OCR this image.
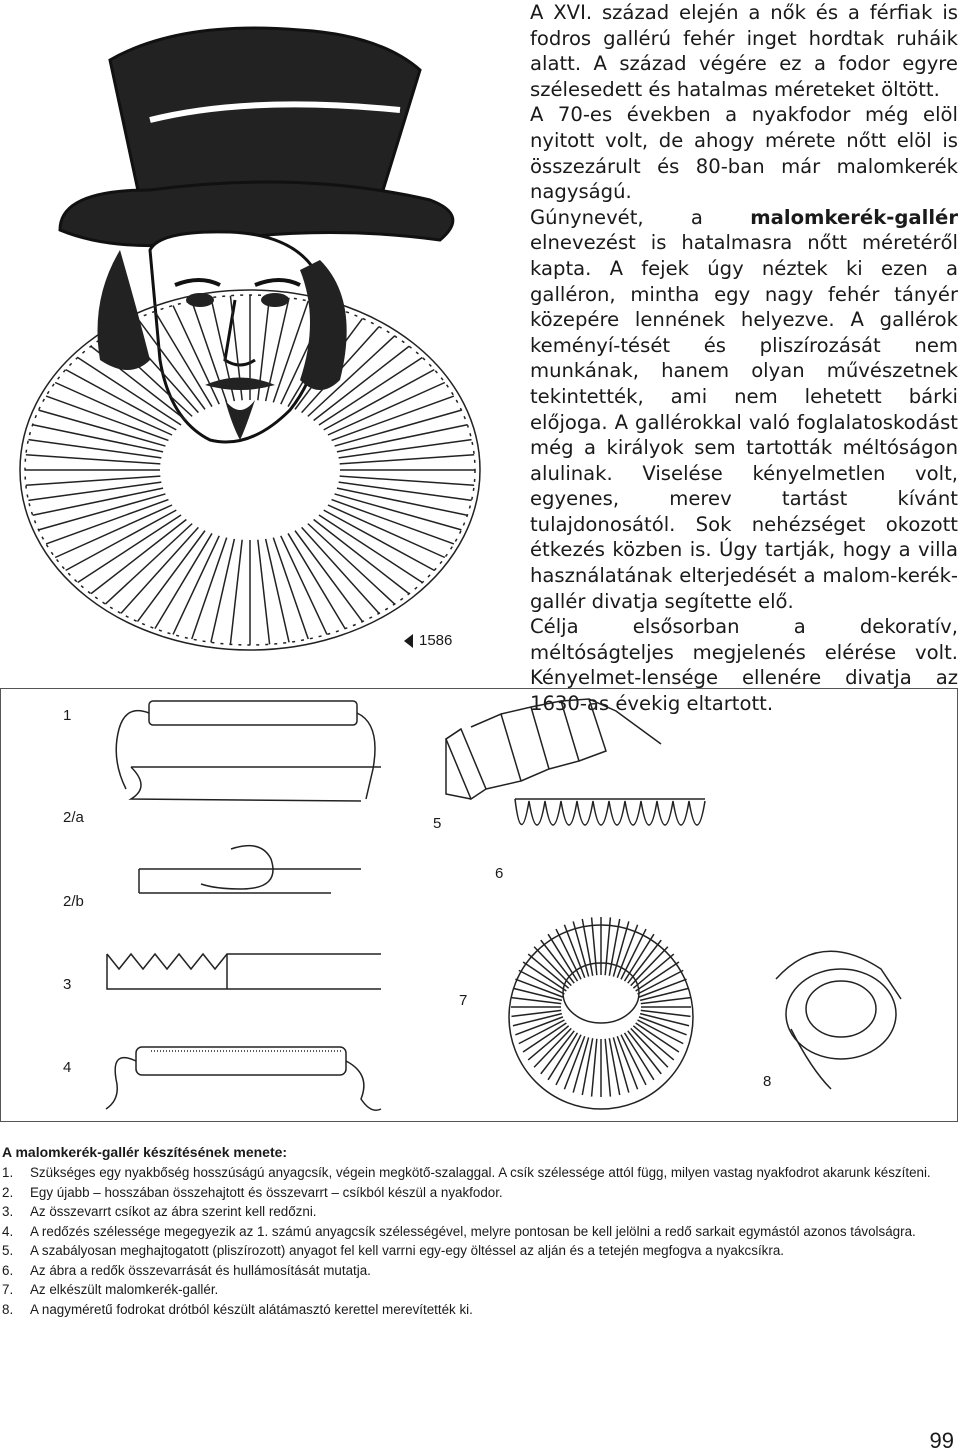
1586

A XVI. század elején a nők és a férfiak is fodros gallérú fehér inget hordtak ruháik alatt. A század végére ez a fodor egyre szélesedett és hatalmas méreteket öltött.

A 70-es években a nyakfodor még elöl nyitott volt, de ahogy mérete nőtt elöl is összezárult és 80-ban már malomkerék nagyságú.

Gúnynevét, a malomkerék-gallér elnevezést is hatalmasra nőtt méretéről kapta. A fejek úgy néztek ki ezen a galléron, mintha egy nagy fehér tányér közepére lennének helyezve. A gallérok keményí-tését és pliszírozását nem munkának, hanem olyan művészetnek tekintették, ami nem lehetett bárki előjoga. A gallérokkal való foglalatoskodást még a királyok sem tartották méltóságon alulinak. Viselése kényelmetlen volt, egyenes, merev tartást kívánt tulajdonosától. Sok nehézséget okozott étkezés közben is. Úgy tartják, hogy a villa használatának elterjedését a malom-kerék-gallér divatja segítette elő.

Célja elsősorban a dekoratív, méltóságteljes megjelenés elérése volt. Kényelmet-lensége ellenére divatja az 1630-as évekig eltartott.

1
2/a
2/b
3
4
5
6
7
8
A malomkerék-gallér készítésének menete:
1. Szükséges egy nyakbőség hosszúságú anyagcsík, végein megkötő-szalaggal. A csík szélessége attól függ, milyen vastag nyakfodrot akarunk készíteni.
2. Egy újabb – hosszában összehajtott és összevarrt – csíkból készül a nyakfodor.
3. Az összevarrt csíkot az ábra szerint kell redőzni.
4. A redőzés szélessége megegyezik az 1. számú anyagcsík szélességével, melyre pontosan be kell jelölni a redő sarkait egymástól azonos távolságra.
5. A szabályosan meghajtogatott (pliszírozott) anyagot fel kell varrni egy-egy öltéssel az alján és a tetején megfogva a nyakcsíkra.
6. Az ábra a redők összevarrását és hullámosítását mutatja.
7. Az elkészült malomkerék-gallér.
8. A nagyméretű fodrokat drótból készült alátámasztó kerettel merevítették ki.
99
